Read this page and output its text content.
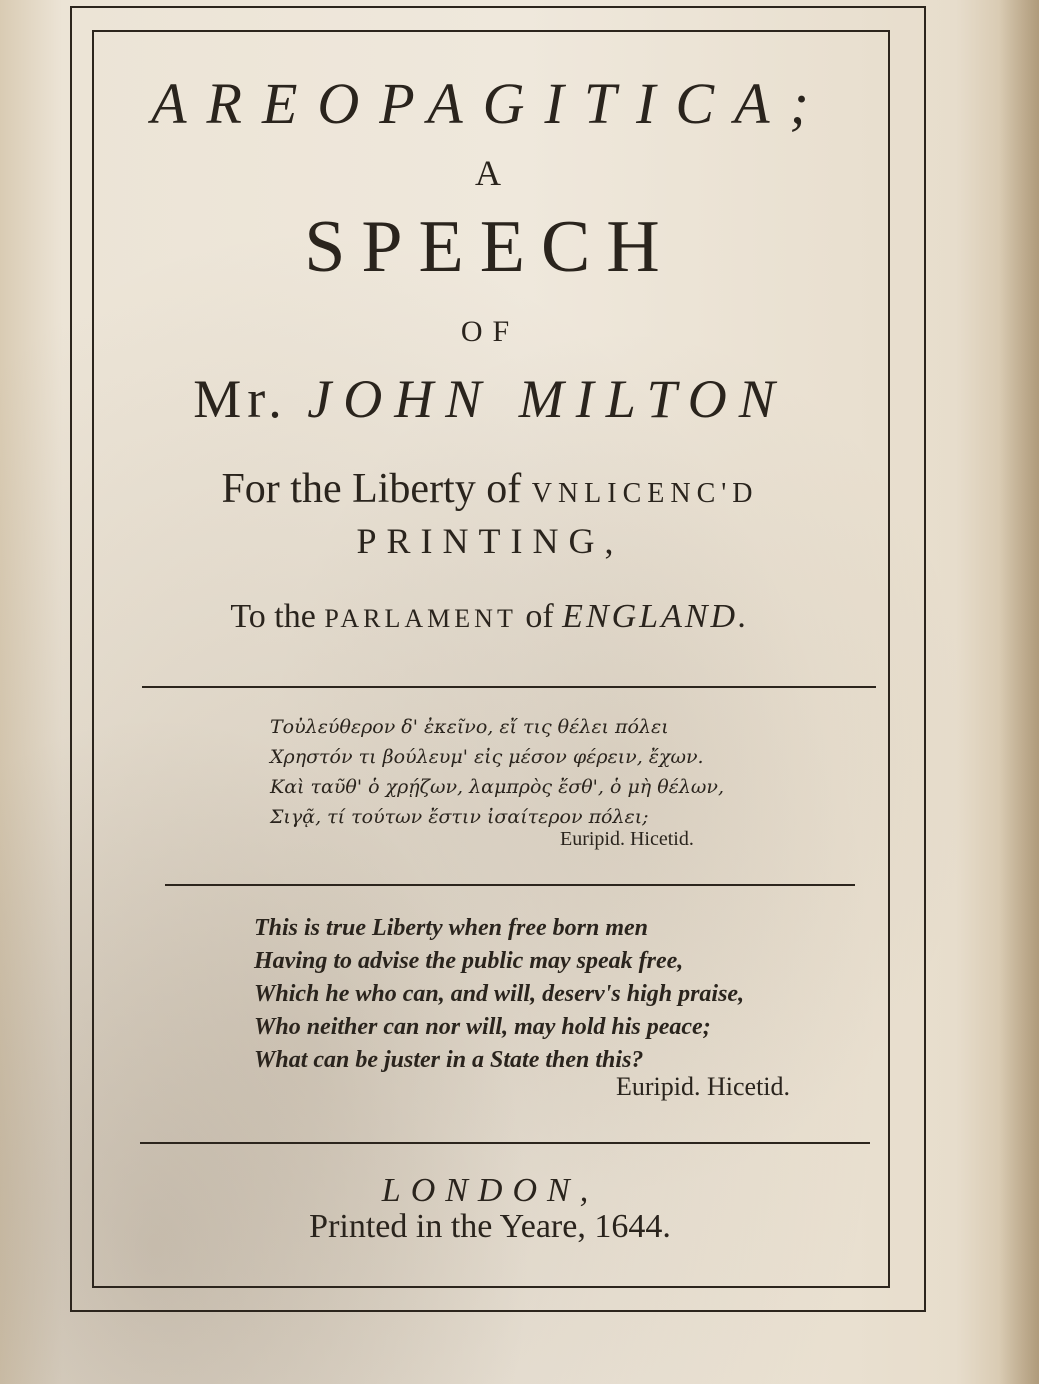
AREOPAGITICA;
A
SPEECH
OF
Mr. JOHN MILTON
For the Liberty of VNLICENC'D
PRINTING,
To the PARLAMENT of ENGLAND.
Τοὐλεύθερον δ' ἐκεῖνο, εἴ τις θέλει πόλει
Χρηστόν τι βούλευμ' εἰς μέσον φέρειν, ἔχων.
Καὶ ταῦθ' ὁ χρῄζων, λαμπρὸς ἔσθ', ὁ μὴ θέλων,
Σιγᾷ, τί τούτων ἔστιν ἰσαίτερον πόλει;
Euripid. Hicetid.
This is true Liberty when free born men
Having to advise the public may speak free,
Which he who can, and will, deserv's high praise,
Who neither can nor will, may hold his peace;
What can be juster in a State then this?
Euripid. Hicetid.
LONDON,
Printed in the Yeare, 1644.
